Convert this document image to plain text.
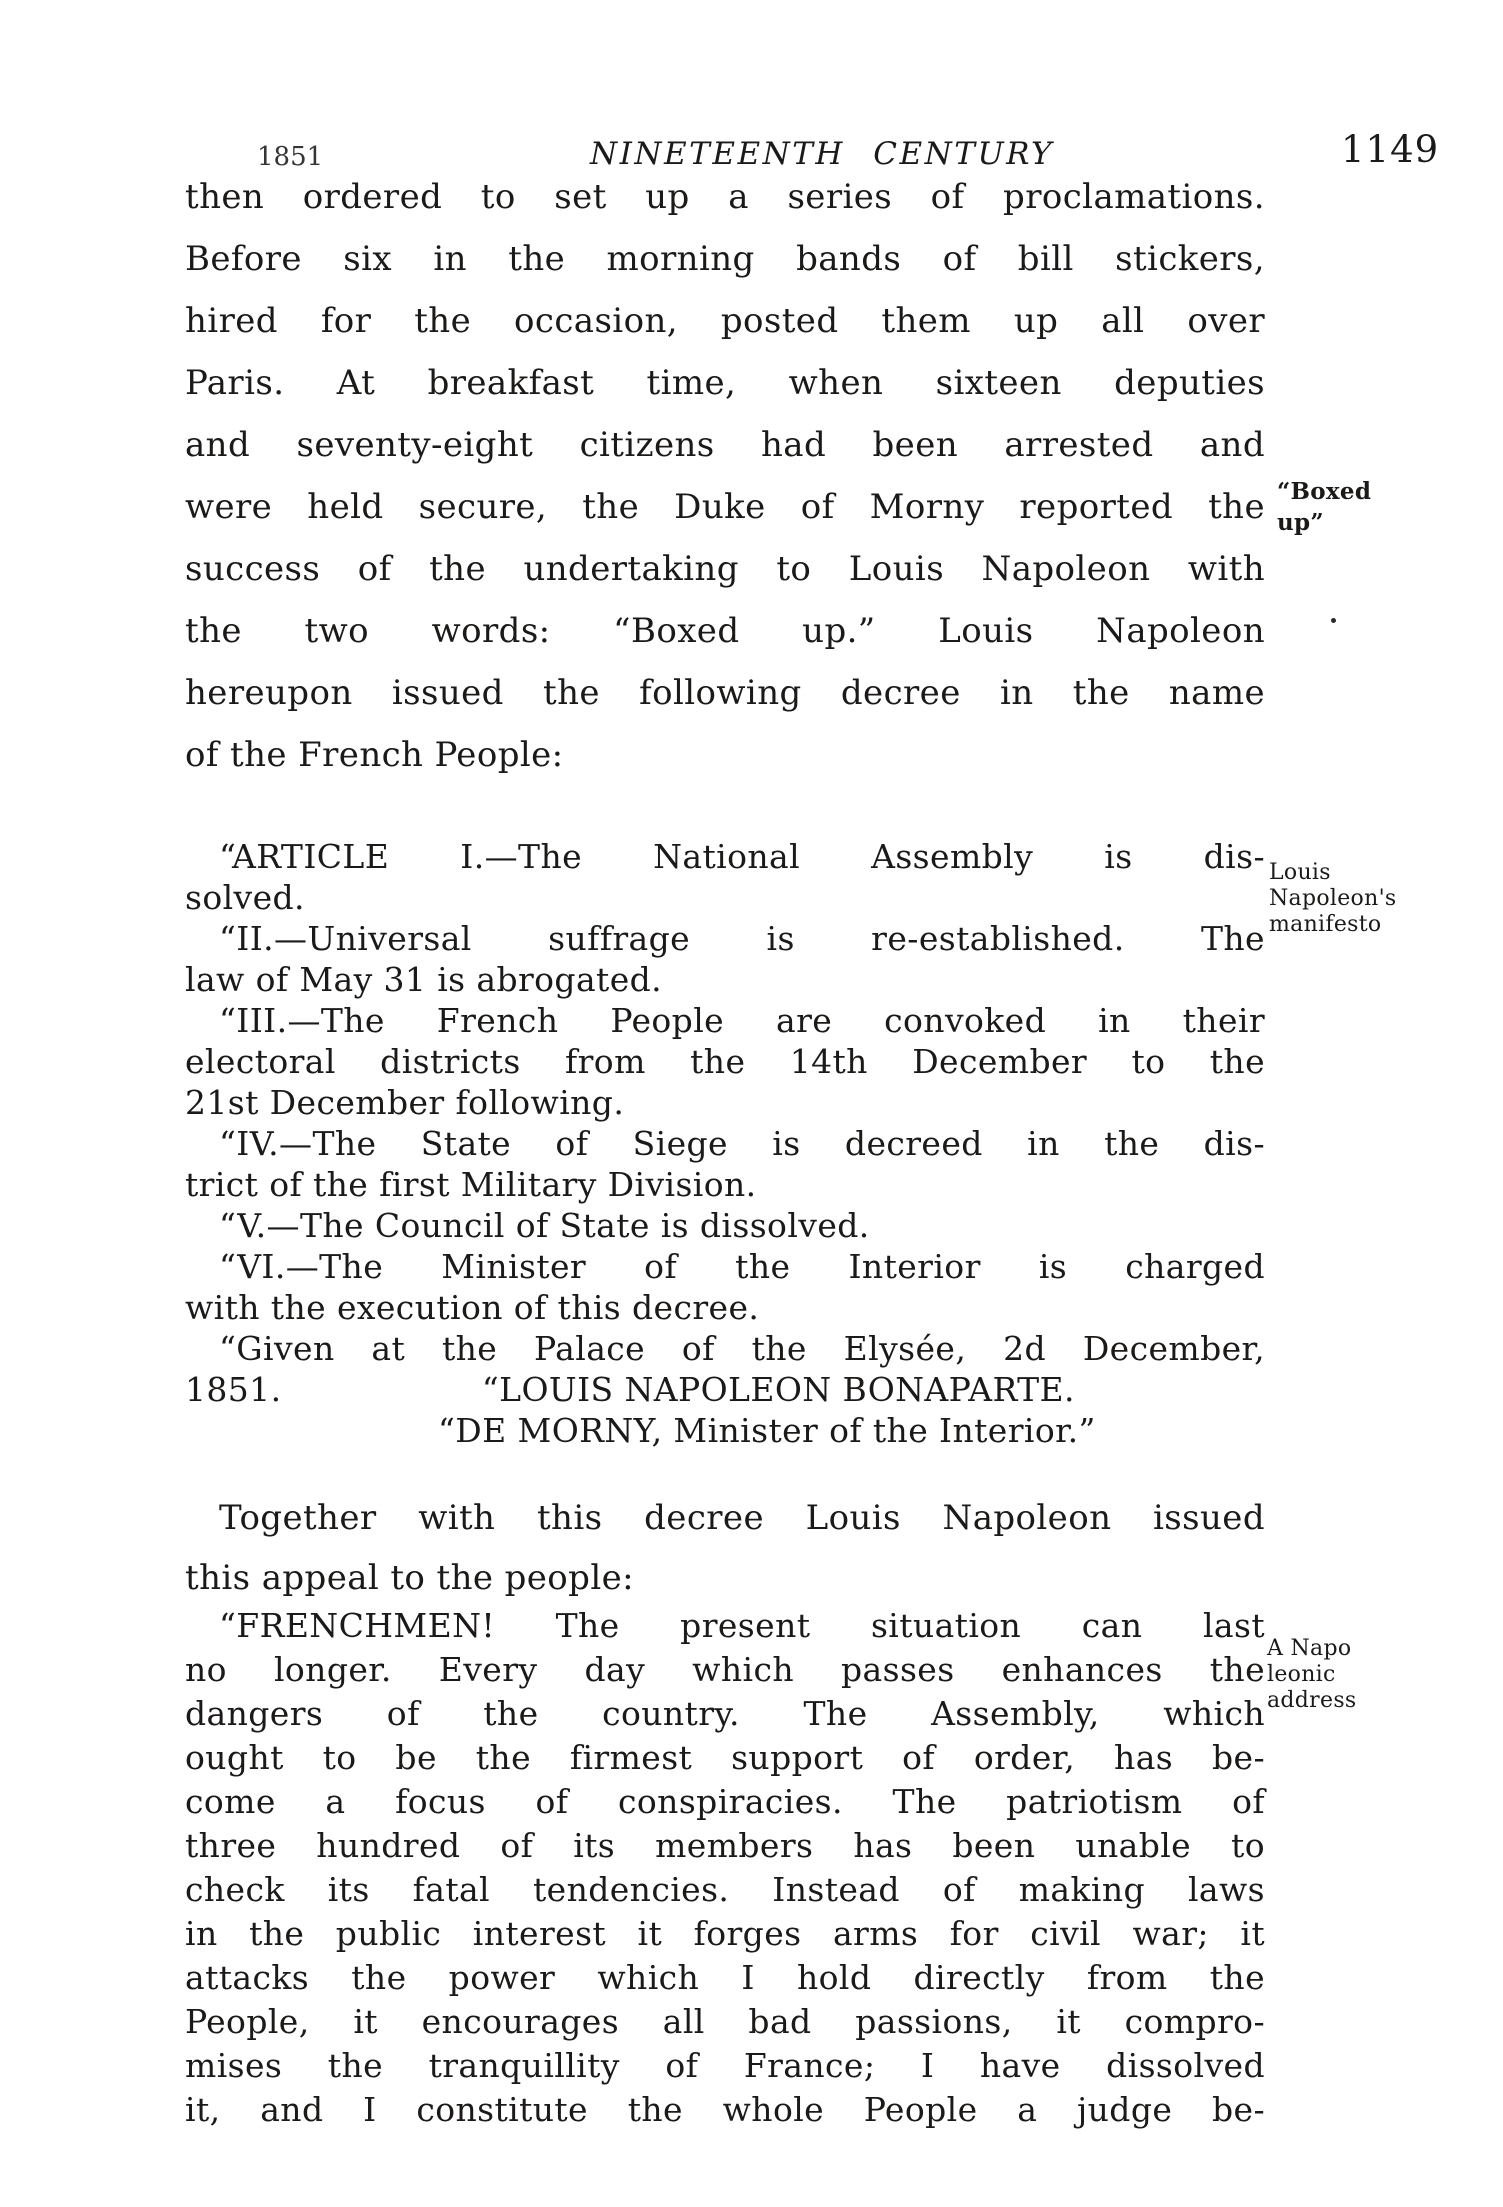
1851	NINETEENTH CENTURY	1149
then ordered to set up a series of proclamations.
Before six in the morning bands of bill stickers,
hired for the occasion, posted them up all over
Paris. At breakfast time, when sixteen deputies
and seventy-eight citizens had been arrested and
were held secure, the Duke of Morny reported the
success of the undertaking to Louis Napoleon with
the two words: “Boxed up.” Louis Napoleon
hereupon issued the following decree in the name
of the French People:
“ARTICLE I.—The National Assembly is dis-
solved.
“II.—Universal suffrage is re-established. The
law of May 31 is abrogated.
“III.—The French People are convoked in their
electoral districts from the 14th December to the
21st December following.
“IV.—The State of Siege is decreed in the dis-
trict of the first Military Division.
“V.—The Council of State is dissolved.
“VI.—The Minister of the Interior is charged
with the execution of this decree.
“Given at the Palace of the Elysée, 2d December,
1851.      “LOUIS NAPOLEON BONAPARTE.
“DE MORNY, Minister of the Interior.”
Together with this decree Louis Napoleon issued
this appeal to the people:
“FRENCHMEN! The present situation can last
no longer. Every day which passes enhances the
dangers of the country. The Assembly, which
ought to be the firmest support of order, has be-
come a focus of conspiracies. The patriotism of
three hundred of its members has been unable to
check its fatal tendencies. Instead of making laws
in the public interest it forges arms for civil war; it
attacks the power which I hold directly from the
People, it encourages all bad passions, it compro-
mises the tranquillity of France; I have dissolved
it, and I constitute the whole People a judge be-
“Boxed
up”
Louis
Napoleon's
manifesto
A Napo
leonic
address
